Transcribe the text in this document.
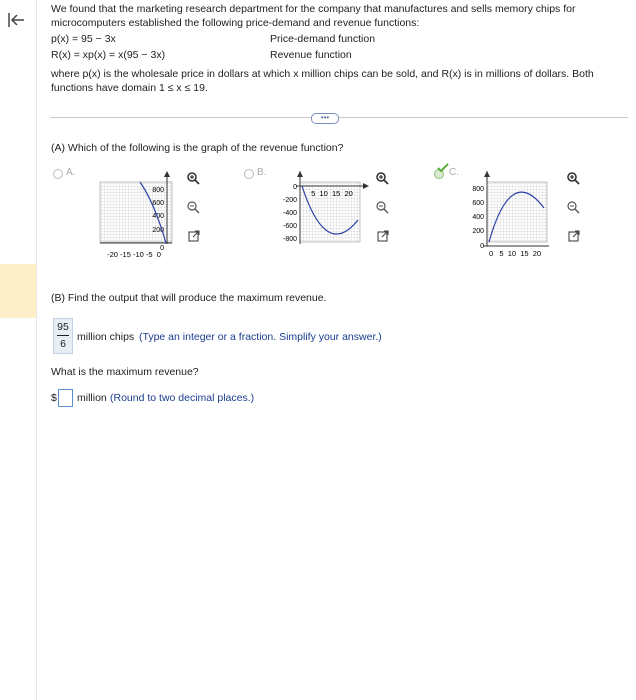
We found that the marketing research department for the company that manufactures and sells memory chips for microcomputers established the following price-demand and revenue functions:
p(x) = 95 − 3x	Price-demand function
R(x) = xp(x) = x(95 − 3x)	Revenue function
where p(x) is the wholesale price in dollars at which x million chips can be sold, and R(x) is in millions of dollars. Both functions have domain 1 ≤ x ≤ 19.
•••
(A) Which of the following is the graph of the revenue function?
A.
800
600
400
200
0
-20 -15 -10 -5  0
B.
0
-200
-400
-600
-800
5  10  15  20
C.
800
600
400
200
0
0   5  10  15  20
(B) Find the output that will produce the maximum revenue.
95
6
million chips (Type an integer or a fraction. Simplify your answer.)
What is the maximum revenue?
$ million (Round to two decimal places.)
